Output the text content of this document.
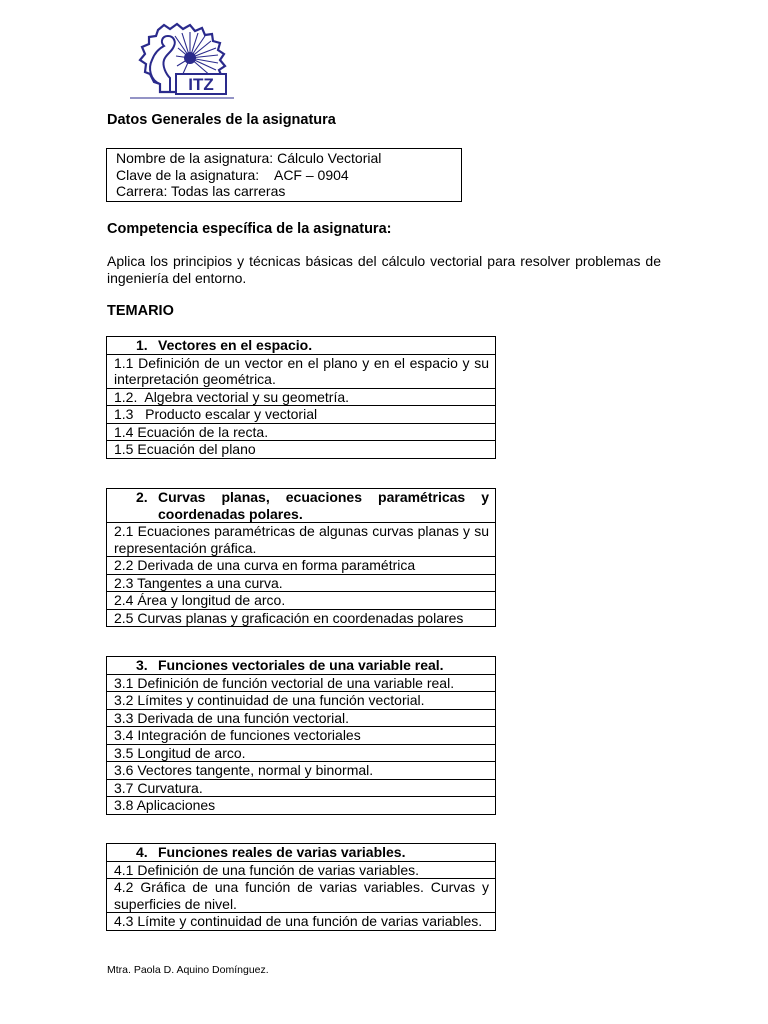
ITZ
Datos Generales de la asignatura
Nombre de la asignatura: Cálculo Vectorial
Clave de la asignatura:    ACF – 0904
Carrera: Todas las carreras
Competencia específica de la asignatura:
Aplica los principios y técnicas básicas del cálculo vectorial para resolver problemas de ingeniería del entorno.
TEMARIO
1. Vectores en el espacio.

1.1 Definición de un vector en el plano y en el espacio y su interpretación geométrica.
1.2.  Algebra vectorial y su geometría.
1.3   Producto escalar y vectorial
1.4 Ecuación de la recta.
1.5 Ecuación del plano
2. Curvas planas, ecuaciones paramétricas y coordenadas polares.

2.1 Ecuaciones paramétricas de algunas curvas planas y su representación gráfica.
2.2 Derivada de una curva en forma paramétrica
2.3 Tangentes a una curva.
2.4 Área y longitud de arco.
2.5 Curvas planas y graficación en coordenadas polares
3. Funciones vectoriales de una variable real.

3.1 Definición de función vectorial de una variable real.
3.2 Límites y continuidad de una función vectorial.
3.3 Derivada de una función vectorial.
3.4 Integración de funciones vectoriales
3.5 Longitud de arco.
3.6 Vectores tangente, normal y binormal.
3.7 Curvatura.
3.8 Aplicaciones
4. Funciones reales de varias variables.

4.1 Definición de una función de varias variables.
4.2 Gráfica de una función de varias variables. Curvas y superficies de nivel.
4.3 Límite y continuidad de una función de varias variables.
Mtra. Paola D. Aquino Domínguez.
